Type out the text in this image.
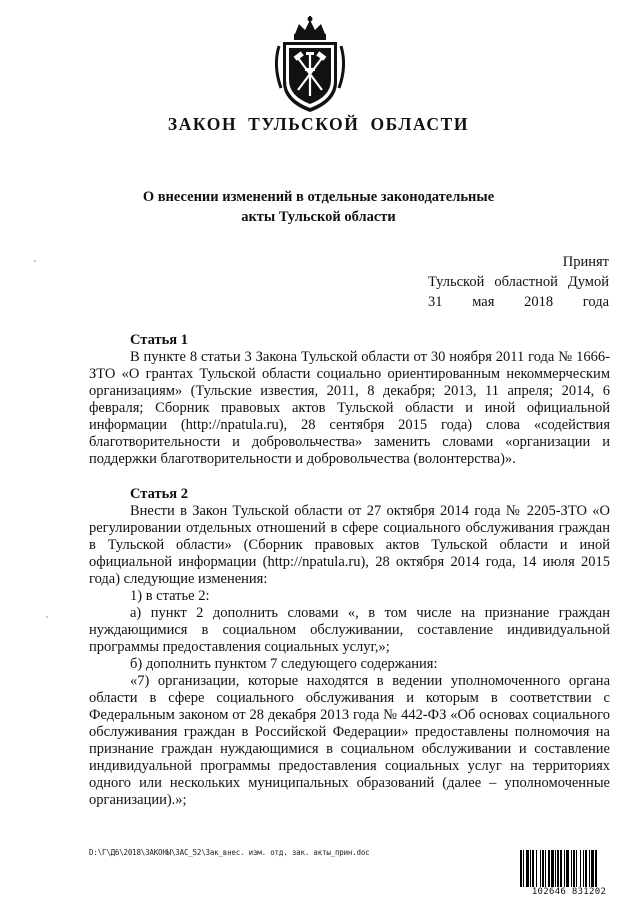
ЗАКОН ТУЛЬСКОЙ ОБЛАСТИ
О внесении изменений в отдельные законодательные
акты Тульской области
Принят
Тульской областной Думой
31 мая 2018 года

Статья 1

В пункте 8 статьи 3 Закона Тульской области от 30 ноября 2011 года № 1666-ЗТО «О грантах Тульской области социально ориентированным некоммерческим организациям» (Тульские известия, 2011, 8 декабря; 2013, 11 апреля; 2014, 6 февраля; Сборник правовых актов Тульской области и иной официальной информации (http://npatula.ru), 28 сентября 2015 года) слова «содействия благотворительности и добровольчества» заменить словами «организации и поддержки благотворительности и добровольчества (волонтерства)».

Статья 2

Внести в Закон Тульской области от 27 октября 2014 года № 2205-ЗТО «О регулировании отдельных отношений в сфере социального обслуживания граждан в Тульской области» (Сборник правовых актов Тульской области и иной официальной информации (http://npatula.ru), 28 октября 2014 года, 14 июля 2015 года) следующие изменения:

1) в статье 2:

а) пункт 2 дополнить словами «, в том числе на признание граждан нуждающимися в социальном обслуживании, составление индивидуальной программы предоставления социальных услуг,»;

б) дополнить пунктом 7 следующего содержания:

«7) организации, которые находятся в ведении уполномоченного органа области в сфере социального обслуживания и которым в соответствии с Федеральным законом от 28 декабря 2013 года № 442-ФЗ «Об основах социального обслуживания граждан в Российской Федерации» предоставлены полномочия на признание граждан нуждающимися в социальном обслуживании и составление индивидуальной программы предоставления социальных услуг на территориях одного или нескольких муниципальных образований (далее – уполномоченные организации).»;

D:\Г\Д6\2018\ЗАКОНЫ\ЗАС_52\Зак_внес. изм. отд. зак. акты_прин.doc
102646 831202
